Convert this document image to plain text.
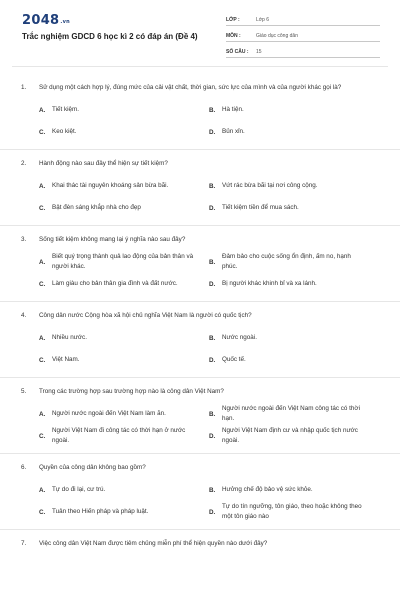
2048.vn
Trắc nghiệm GDCD 6 học kì 2 có đáp án (Đề 4)
LỚP :	Lớp 6
MÔN :	Giáo dục công dân
SỐ CÂU :	15
1.	Sử dụng một cách hợp lý, đúng mức của cải vật chất, thời gian, sức lực của mình và của người khác gọi là?
A.	Tiết kiệm.	B.	Hà tiện.
C.	Keo kiệt.	D.	Bủn xỉn.
2.	Hành động nào sau đây thể hiện sự tiết kiệm?
A.	Khai thác tài nguyên khoáng sản bừa bãi.	B.	Vứt rác bừa bãi tại nơi công cộng.
C.	Bật đèn sáng khắp nhà cho đẹp	D.	Tiết kiệm tiền để mua sách.
3.	Sống tiết kiệm không mang lại ý nghĩa nào sau đây?
A.
Biết quý trọng thành quả lao động của bản thân và người khác.
B.
Đảm bảo cho cuộc sống ổn định, ấm no, hạnh phúc.
C.	Làm giàu cho bản thân gia đình và đất nước.	D.	Bị người khác khinh bỉ và xa lánh.
4.	Công dân nước Cộng hòa xã hội chủ nghĩa Việt Nam là người có quốc tịch?
A.	Nhiều nước.	B.	Nước ngoài.
C.	Việt Nam.	D.	Quốc tế.
5.	Trong các trường hợp sau trường hợp nào là công dân Việt Nam?
A.	Người nước ngoài đến Việt Nam làm ăn.	B.
Người nước ngoài đến Việt Nam công tác có thời hạn.
C.
Người Việt Nam đi công tác có thời hạn ở nước ngoài.
D.
Người Việt Nam định cư và nhập quốc tịch nước ngoài.
6.	Quyền của công dân không bao gồm?
A.	Tự do đi lại, cư trú.	B.	Hưởng chế độ bảo vệ sức khỏe.
C.	Tuân theo Hiến pháp và pháp luật.	D.
Tự do tín ngưỡng, tôn giáo, theo hoặc không theo một tôn giáo nào
7.	Việc công dân Việt Nam được tiêm chủng miễn phí thể hiện quyền nào dưới đây?
